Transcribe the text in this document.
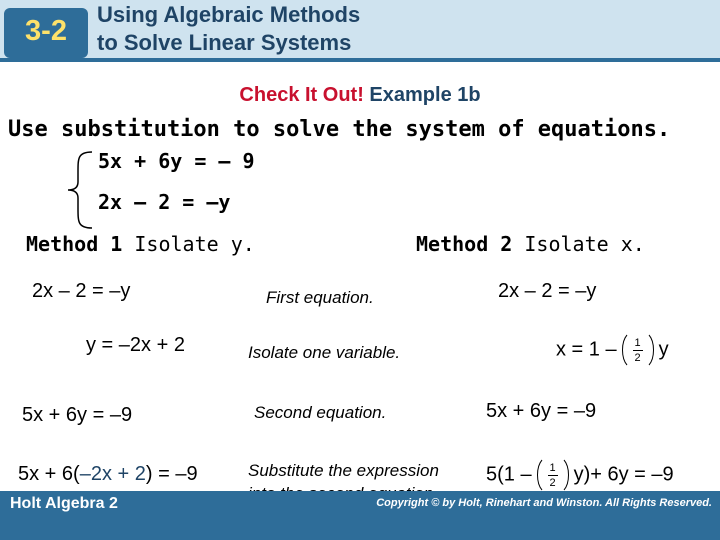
3-2
Using Algebraic Methods
to Solve Linear Systems
Check It Out! Example 1b
Use substitution to solve the system of equations.
5x + 6y = – 9
2x – 2 = –y
Method 1 Isolate y.	Method 2 Isolate x.
2x – 2 = –y
y = –2x + 2
5x + 6y = –9
5x + 6(–2x + 2) = –9
First equation.
Isolate one variable.
Second equation.
Substitute the expression
2x – 2 = –y
$x = 1 - \frac{1}{2}$ y
5x + 6y = –9
$5(1 - \frac{1}{2} y)+ 6y = -9$
Holt Algebra 2	Copyright © by Holt, Rinehart and Winston. All Rights Reserved.
